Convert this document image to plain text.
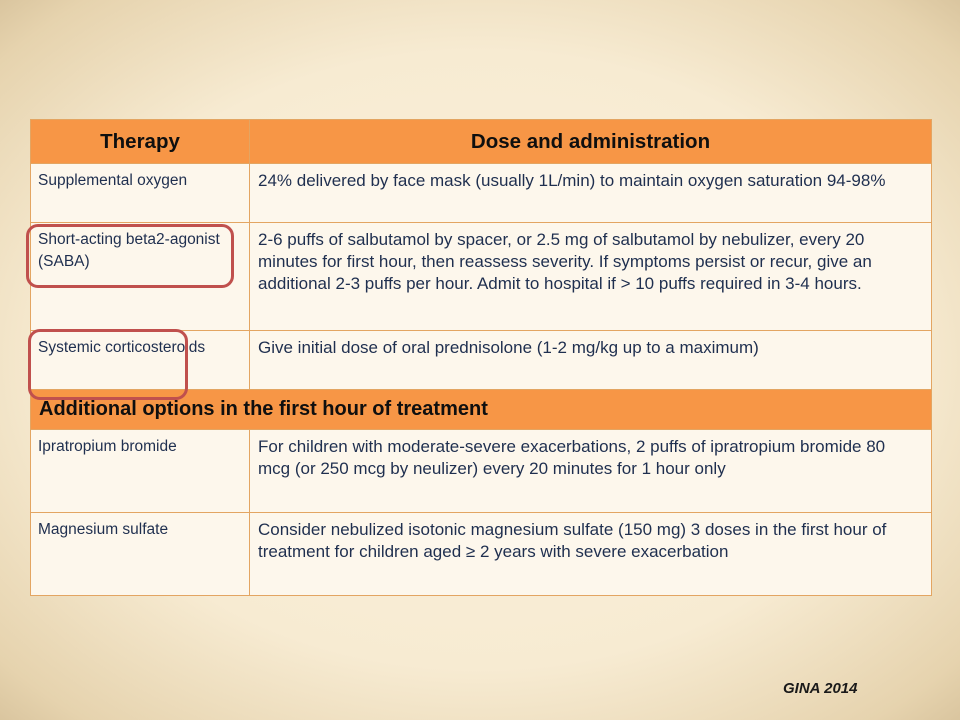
Therapy	Dose and administration
Supplemental oxygen	24% delivered by face mask (usually 1L/min) to maintain oxygen saturation 94-98%
Short-acting beta2-agonist (SABA)	2-6 puffs of salbutamol by spacer, or 2.5 mg of salbutamol by nebulizer, every 20 minutes for first hour, then reassess severity. If symptoms persist or recur, give an additional 2-3 puffs per hour. Admit to hospital if > 10 puffs required in 3-4 hours.
Systemic corticosteroids	Give initial dose of oral prednisolone (1-2 mg/kg up to a maximum)
Additional options in the first hour of treatment	
Ipratropium bromide	For children with moderate-severe exacerbations, 2 puffs of ipratropium bromide 80 mcg (or 250 mcg by neulizer) every 20 minutes for 1 hour only
Magnesium sulfate	Consider nebulized isotonic magnesium sulfate (150 mg) 3 doses in the first hour of treatment for children aged ≥ 2 years with severe exacerbation
GINA 2014
